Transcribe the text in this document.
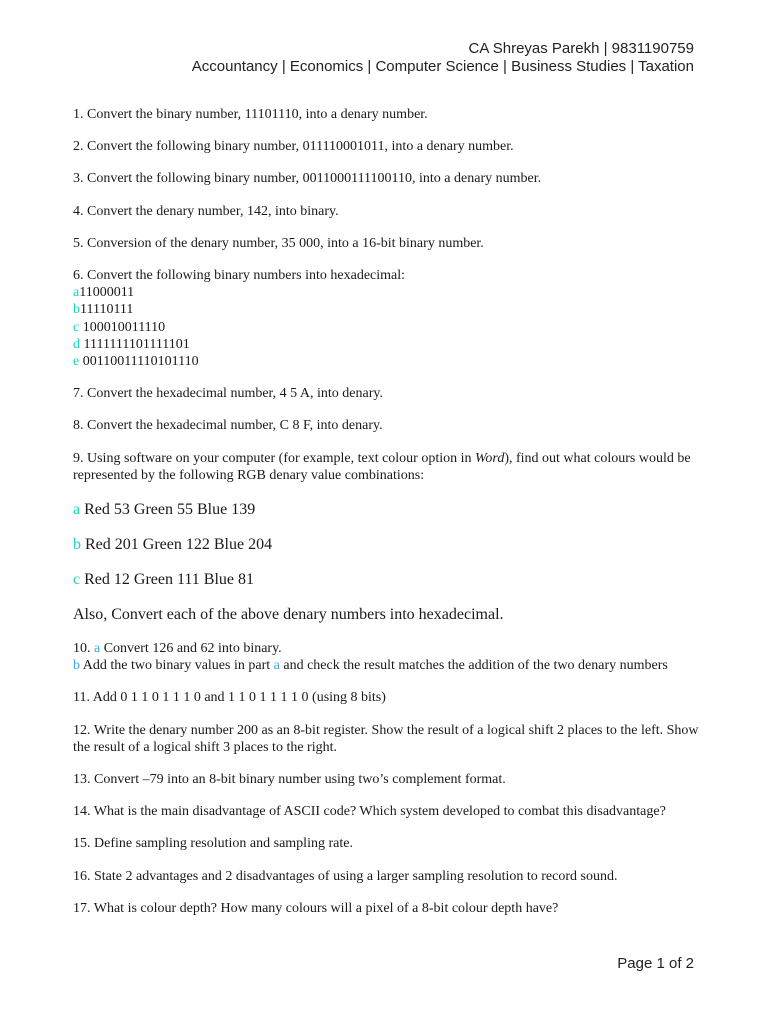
CA Shreyas Parekh | 9831190759
Accountancy | Economics | Computer Science | Business Studies | Taxation

1. Convert the binary number, 11101110, into a denary number.

2. Convert the following binary number, 011110001011, into a denary number.

3. Convert the following binary number, 0011000111100110, into a denary number.

4. Convert the denary number, 142, into binary.

5. Conversion of the denary number, 35 000, into a 16-bit binary number.

6. Convert the following binary numbers into hexadecimal:

a11000011
b11110111
c 100010011110
d 1111111101111101
e 00110011110101110

7. Convert the hexadecimal number, 4 5 A, into denary.

8. Convert the hexadecimal number, C 8 F, into denary.

9. Using software on your computer (for example, text colour option in Word), find out what colours would be represented by the following RGB denary value combinations:

a Red 53 Green 55 Blue 139
b Red 201 Green 122 Blue 204
c Red 12 Green 111 Blue 81
Also, Convert each of the above denary numbers into hexadecimal.
10. a Convert 126 and 62 into binary.
b Add the two binary values in part a and check the result matches the addition of the two denary numbers

11. Add 0 1 1 0 1 1 1 0 and 1 1 0 1 1 1 1 0 (using 8 bits)

12. Write the denary number 200 as an 8-bit register. Show the result of a logical shift 2 places to the left. Show the result of a logical shift 3 places to the right.

13. Convert –79 into an 8-bit binary number using two’s complement format.

14. What is the main disadvantage of ASCII code? Which system developed to combat this disadvantage?

15. Define sampling resolution and sampling rate.

16. State 2 advantages and 2 disadvantages of using a larger sampling resolution to record sound.

17. What is colour depth? How many colours will a pixel of a 8-bit colour depth have?

Page 1 of 2
